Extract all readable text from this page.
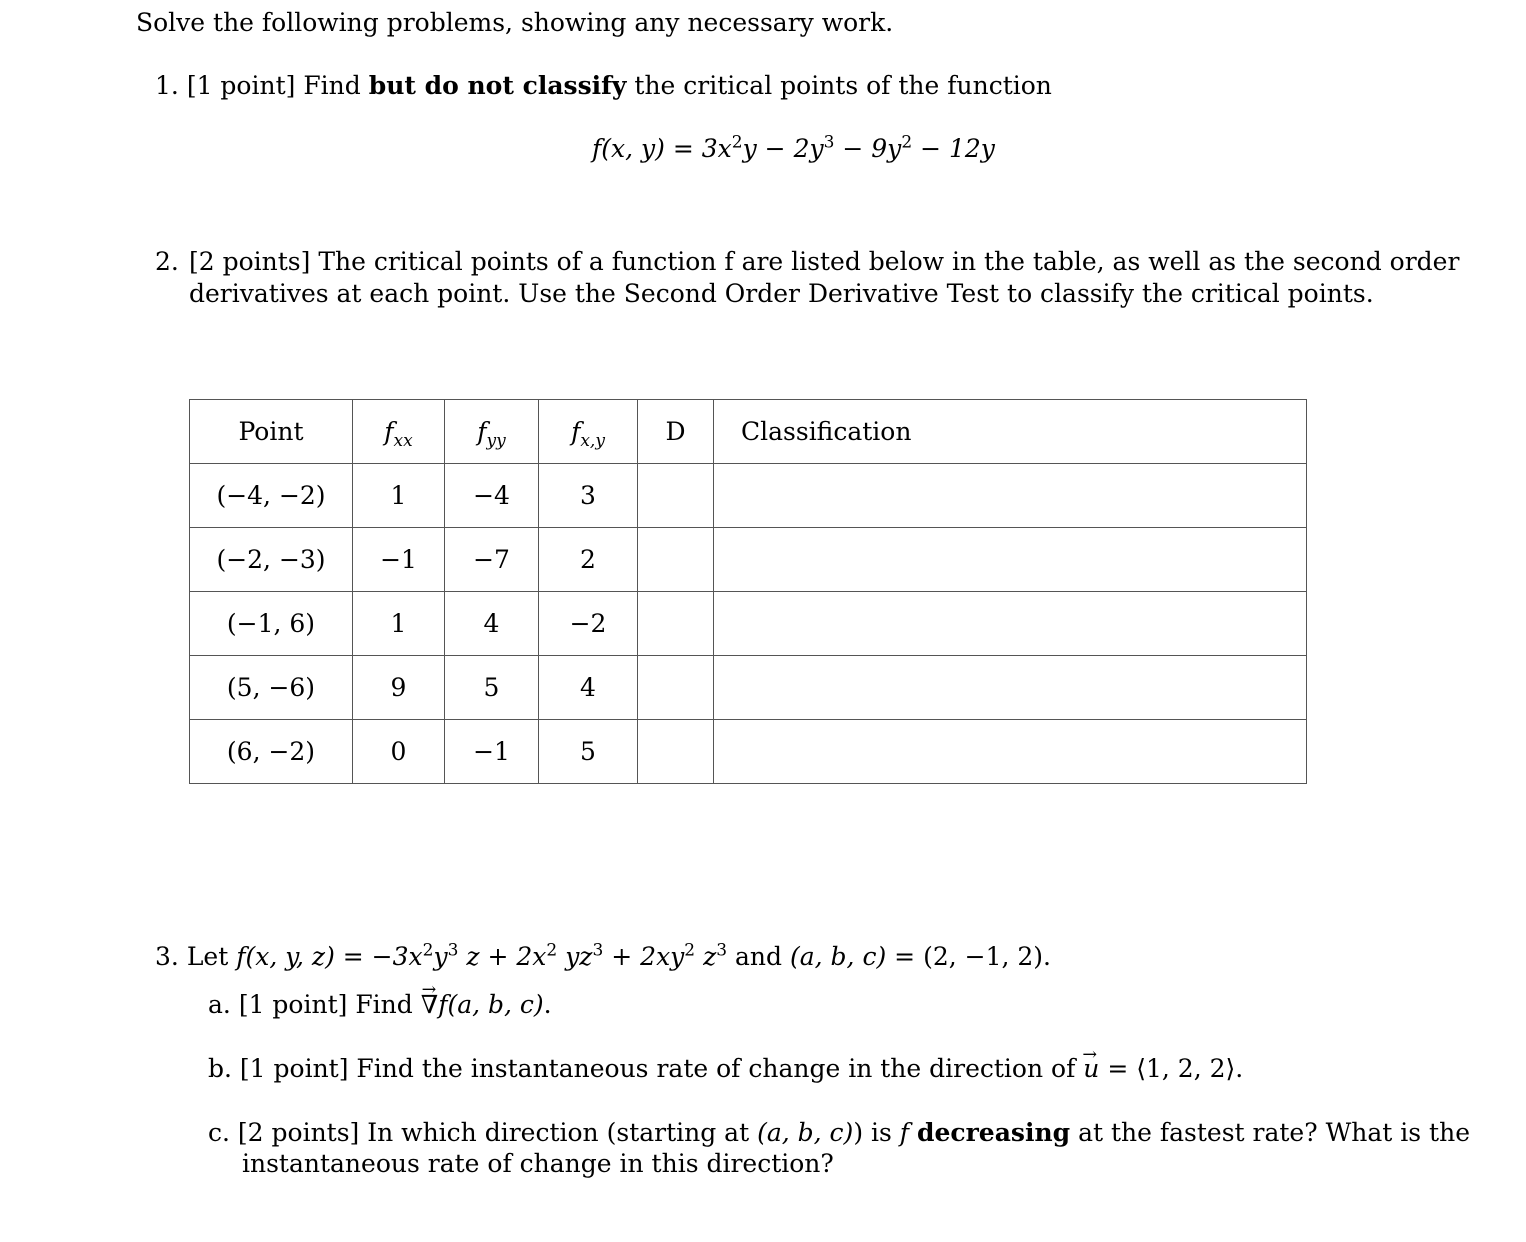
Solve the following problems, showing any necessary work.
1. [1 point] Find but do not classify the critical points of the function
f(x, $y) = 3x^2y - 2y^3 - 9y^2 - 12y$
2. [2 points] The critical points of a function f are listed below in the table, as well as the second order
derivatives at each point. Use the Second Order Derivative Test to classify the critical points.
Point	$f_{xx}$	$f_{yy}$	$f_{x,y}$	D	Classification
(−4, −2)	1	−4	3		
(−2, −3)	−1	−7	2		
(−1, 6)	1	4	−2		
(5, −6)	9	5	4		
(6, −2)	0	−1	5		
3. Let f(x, y, $z) = -3x^2y^3$ $z + 2x^2$ $yz^3 + 2xy^2$ $z^3$ and (a, b, c) = (2, −1, 2).
a. [1 point] Find → ∇f(a, b, c).
b. [1 point] Find the instantaneous rate of change in the direction of → u = ⟨1, 2, 2⟩.
c. [2 points] In which direction (starting at (a, b, c)) is f decreasing at the fastest rate? What is the
instantaneous rate of change in this direction?
